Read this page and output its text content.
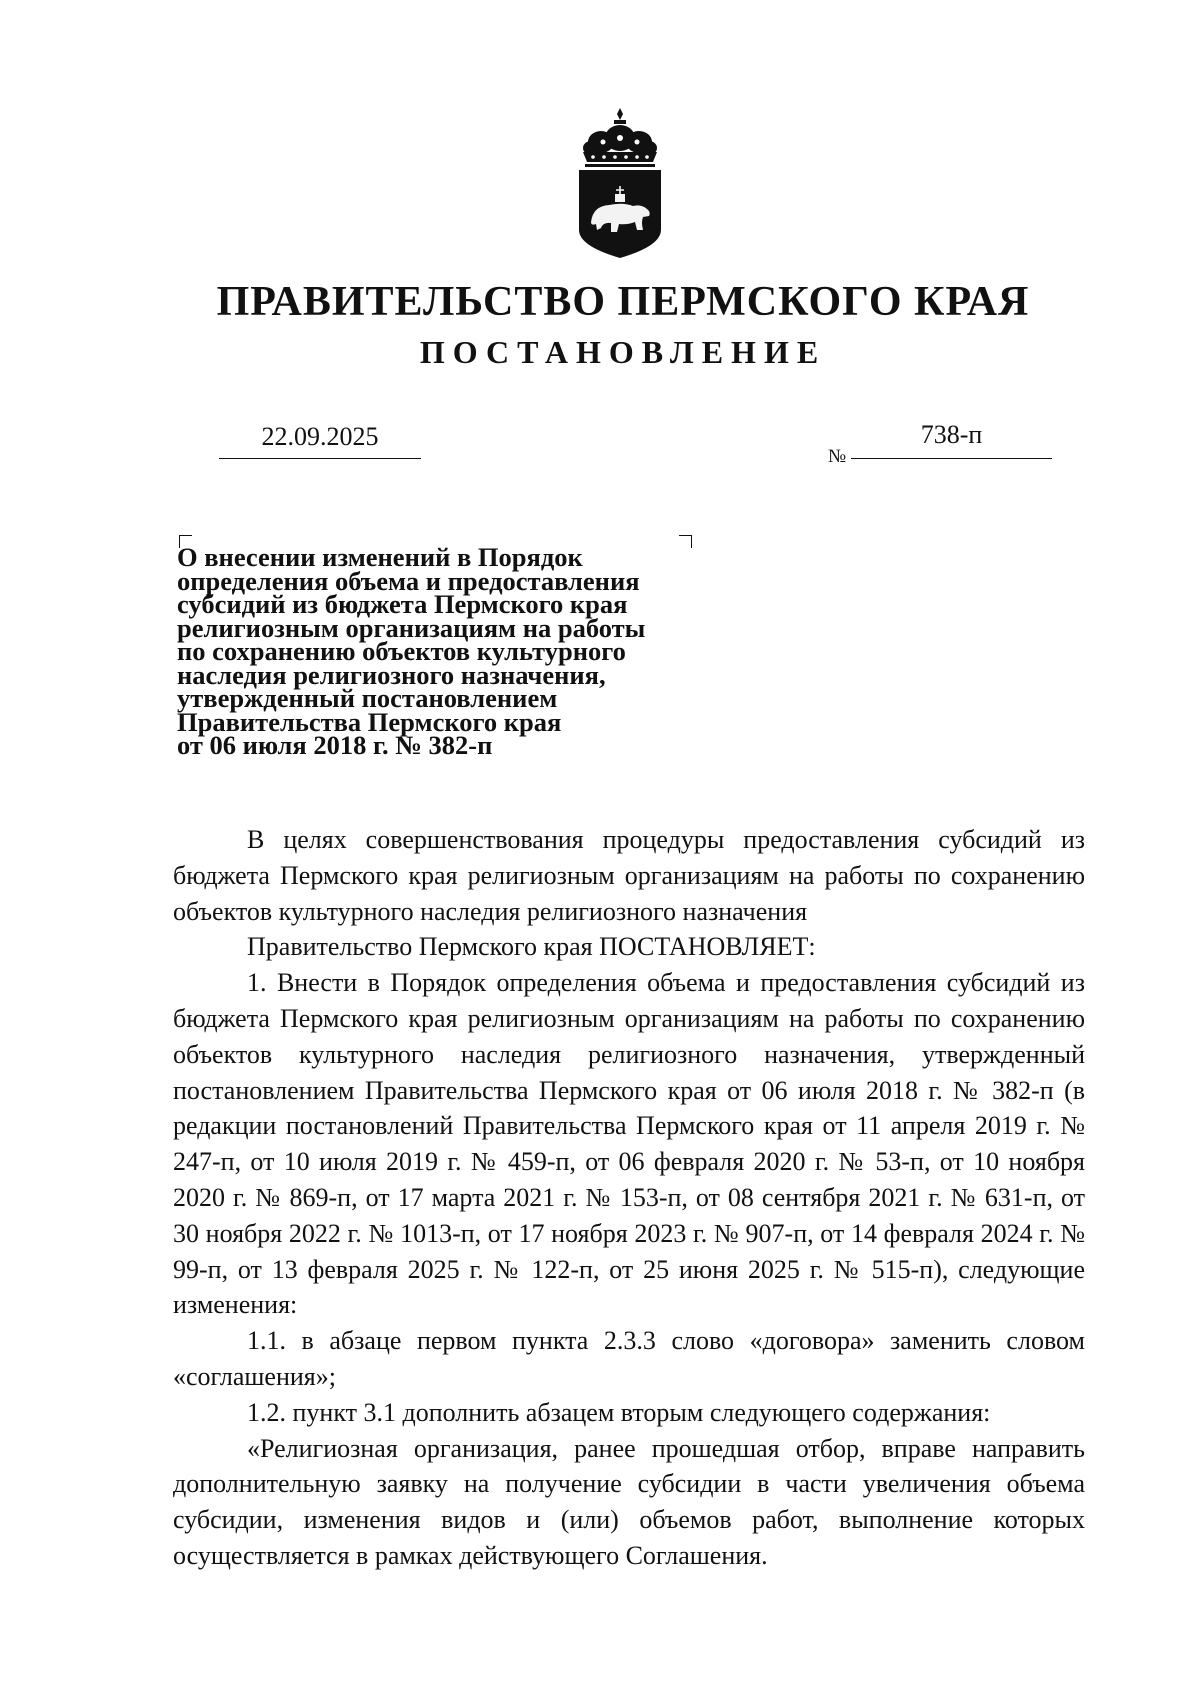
ПРАВИТЕЛЬСТВО ПЕРМСКОГО КРАЯ
ПОСТАНОВЛЕНИЕ
22.09.2025
№
738-п
О внесении изменений в Порядок
определения объема и предоставления
субсидий из бюджета Пермского края
религиозным организациям на работы
по сохранению объектов культурного
наследия религиозного назначения,
утвержденный постановлением
Правительства Пермского края
от 06 июля 2018 г. № 382-п

В целях совершенствования процедуры предоставления субсидий из бюджета Пермского края религиозным организациям на работы по сохранению объектов культурного наследия религиозного назначения

Правительство Пермского края ПОСТАНОВЛЯЕТ:

1. Внести в Порядок определения объема и предоставления субсидий из бюджета Пермского края религиозным организациям на работы по сохранению объектов культурного наследия религиозного назначения, утвержденный постановлением Правительства Пермского края от 06 июля 2018 г. № 382-п (в редакции постановлений Правительства Пермского края от 11 апреля 2019 г. № 247-п, от 10 июля 2019 г. № 459-п, от 06 февраля 2020 г. № 53-п, от 10 ноября 2020 г. № 869-п, от 17 марта 2021 г. № 153-п, от 08 сентября 2021 г. № 631-п, от 30 ноября 2022 г. № 1013-п, от 17 ноября 2023 г. № 907-п, от 14 февраля 2024 г. № 99-п, от 13 февраля 2025 г. № 122-п, от 25 июня 2025 г. № 515-п), следующие изменения:

1.1. в абзаце первом пункта 2.3.3 слово «договора» заменить словом «соглашения»;

1.2. пункт 3.1 дополнить абзацем вторым следующего содержания:

«Религиозная организация, ранее прошедшая отбор, вправе направить дополнительную заявку на получение субсидии в части увеличения объема субсидии, изменения видов и (или) объемов работ, выполнение которых осуществляется в рамках действующего Соглашения.
